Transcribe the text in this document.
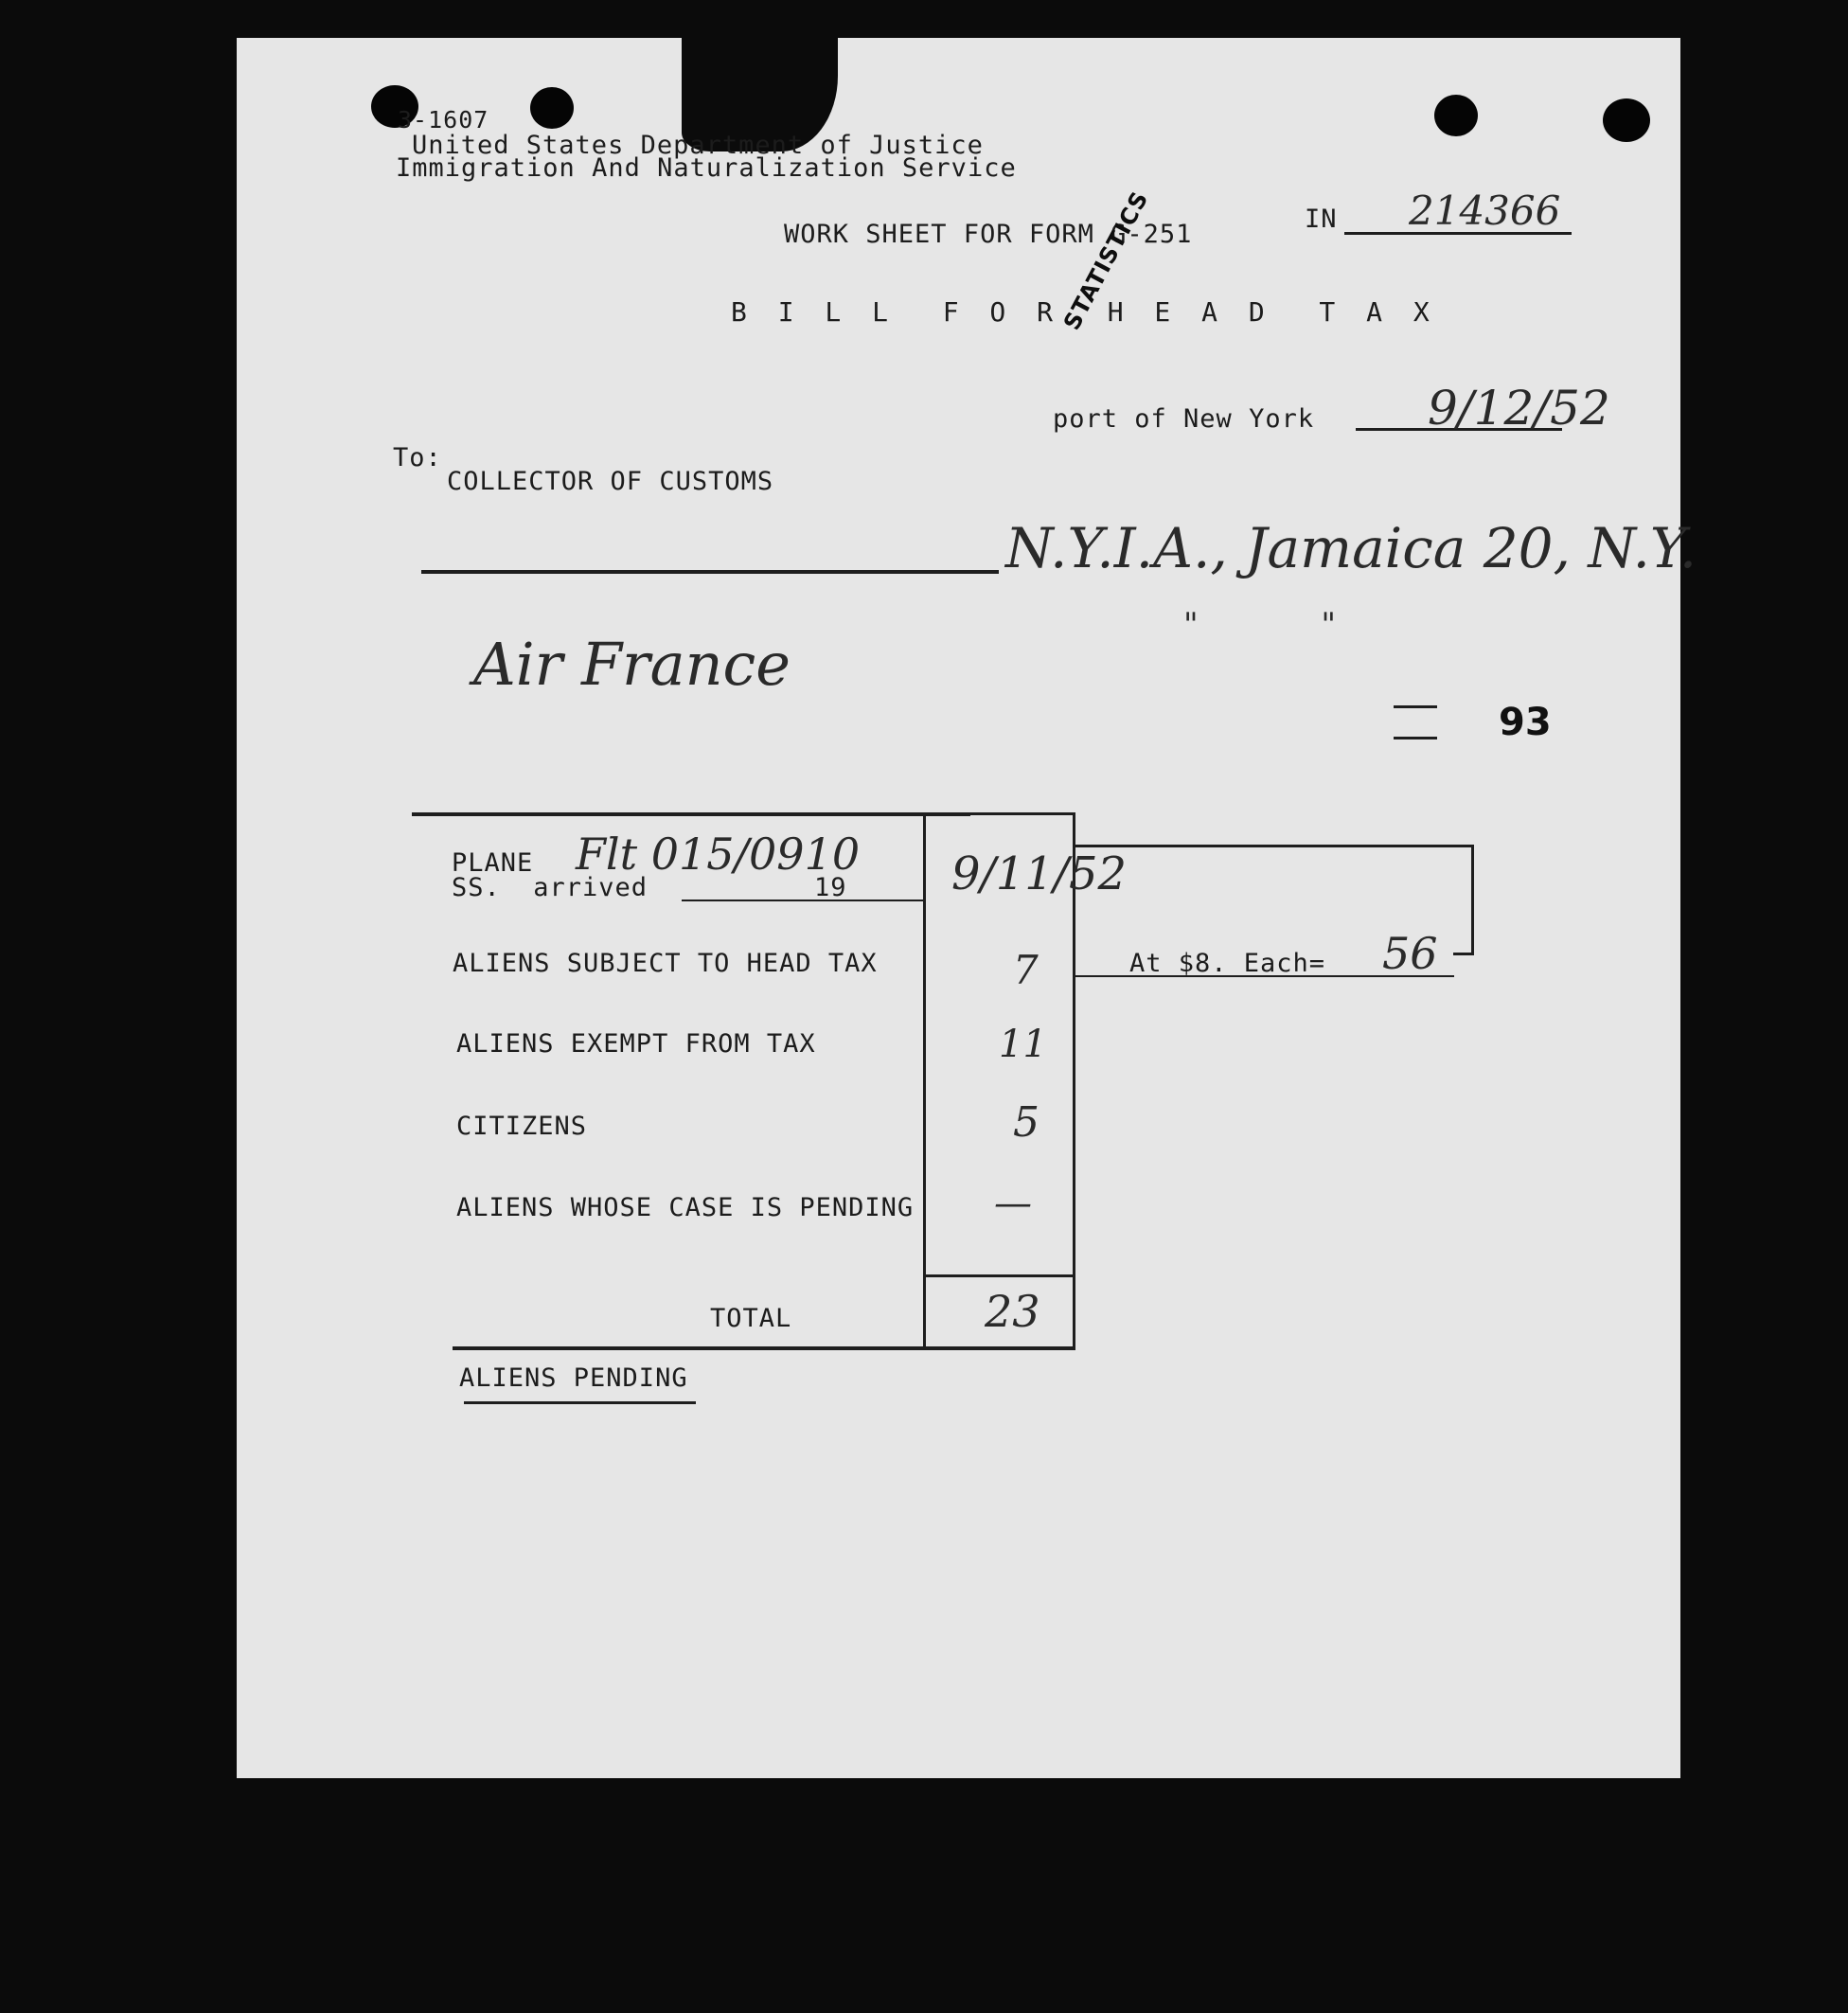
3-1607
United States Department of Justice
Immigration And Naturalization Service
WORK SHEET FOR FORM G-251
STATISTICS	IN 214366
B I L L  F O R  H E A D  T A X
port of New York 9/12/52
To:
COLLECTOR OF CUSTOMS
N.Y.I.A., Jamaica 20, N.Y.
"            "
Air France
93
PLANE Flt 015/0910
SS.  arrived	19 9/11/52
ALIENS SUBJECT TO HEAD TAX	7	At $8. Each= 56
ALIENS EXEMPT FROM TAX	11
CITIZENS	5
ALIENS WHOSE CASE IS PENDING —
TOTAL	23
ALIENS PENDING
